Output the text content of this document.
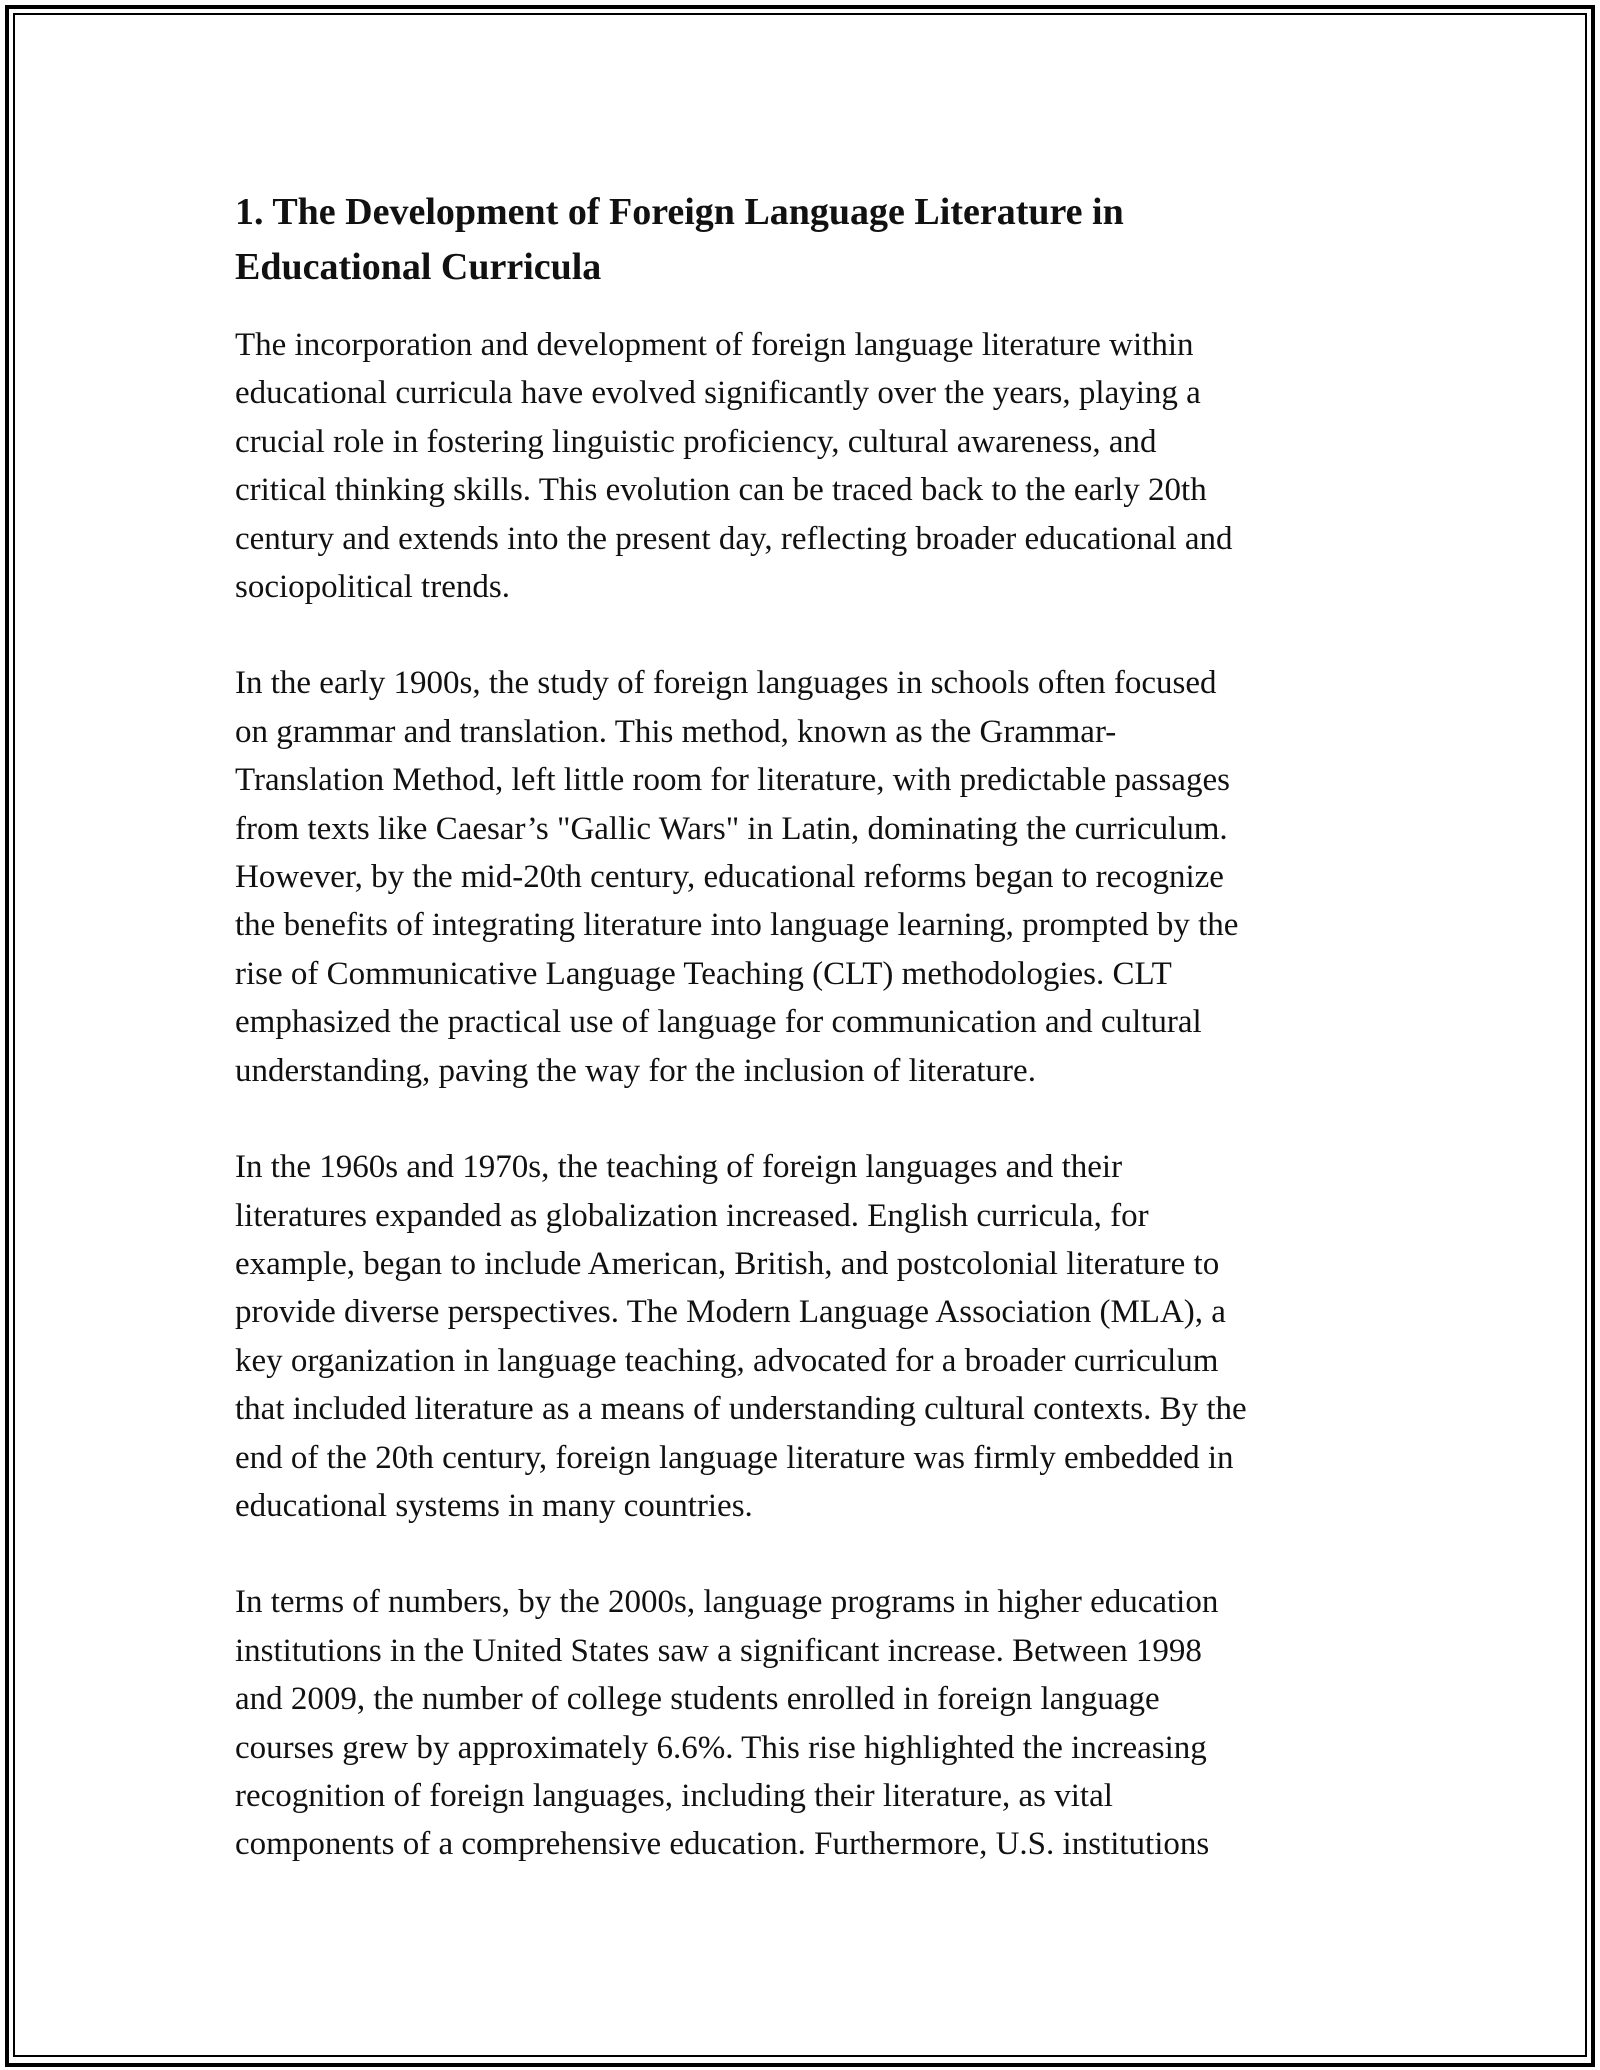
1. The Development of Foreign Language Literature in
Educational Curricula

The incorporation and development of foreign language literature within
educational curricula have evolved significantly over the years, playing a
crucial role in fostering linguistic proficiency, cultural awareness, and
critical thinking skills. This evolution can be traced back to the early 20th
century and extends into the present day, reflecting broader educational and
sociopolitical trends.

In the early 1900s, the study of foreign languages in schools often focused
on grammar and translation. This method, known as the Grammar-
Translation Method, left little room for literature, with predictable passages
from texts like Caesar’s "Gallic Wars" in Latin, dominating the curriculum.
However, by the mid-20th century, educational reforms began to recognize
the benefits of integrating literature into language learning, prompted by the
rise of Communicative Language Teaching (CLT) methodologies. CLT
emphasized the practical use of language for communication and cultural
understanding, paving the way for the inclusion of literature.

In the 1960s and 1970s, the teaching of foreign languages and their
literatures expanded as globalization increased. English curricula, for
example, began to include American, British, and postcolonial literature to
provide diverse perspectives. The Modern Language Association (MLA), a
key organization in language teaching, advocated for a broader curriculum
that included literature as a means of understanding cultural contexts. By the
end of the 20th century, foreign language literature was firmly embedded in
educational systems in many countries.

In terms of numbers, by the 2000s, language programs in higher education
institutions in the United States saw a significant increase. Between 1998
and 2009, the number of college students enrolled in foreign language
courses grew by approximately 6.6%. This rise highlighted the increasing
recognition of foreign languages, including their literature, as vital
components of a comprehensive education. Furthermore, U.S. institutions
